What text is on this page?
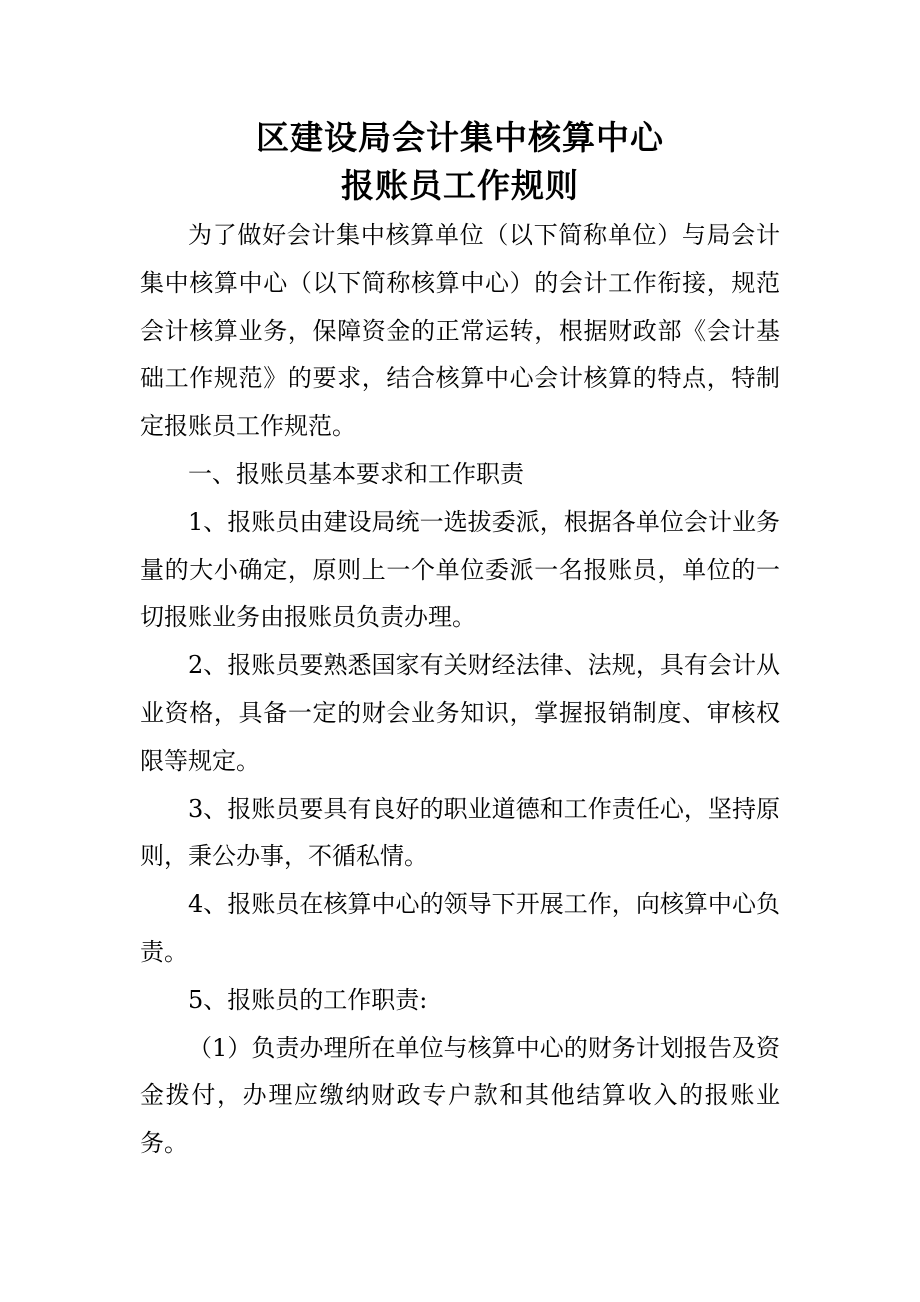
区建设局会计集中核算中心
报账员工作规则

为了做好会计集中核算单位（以下简称单位）与局会计集中核算中心（以下简称核算中心）的会计工作衔接，规范会计核算业务，保障资金的正常运转，根据财政部《会计基础工作规范》的要求，结合核算中心会计核算的特点，特制定报账员工作规范。

一、报账员基本要求和工作职责

1、报账员由建设局统一选拔委派，根据各单位会计业务量的大小确定，原则上一个单位委派一名报账员，单位的一切报账业务由报账员负责办理。

2、报账员要熟悉国家有关财经法律、法规，具有会计从业资格，具备一定的财会业务知识，掌握报销制度、审核权限等规定。

3、报账员要具有良好的职业道德和工作责任心，坚持原则，秉公办事，不循私情。

4、报账员在核算中心的领导下开展工作，向核算中心负责。

5、报账员的工作职责:

（1）负责办理所在单位与核算中心的财务计划报告及资金拨付，办理应缴纳财政专户款和其他结算收入的报账业务。
